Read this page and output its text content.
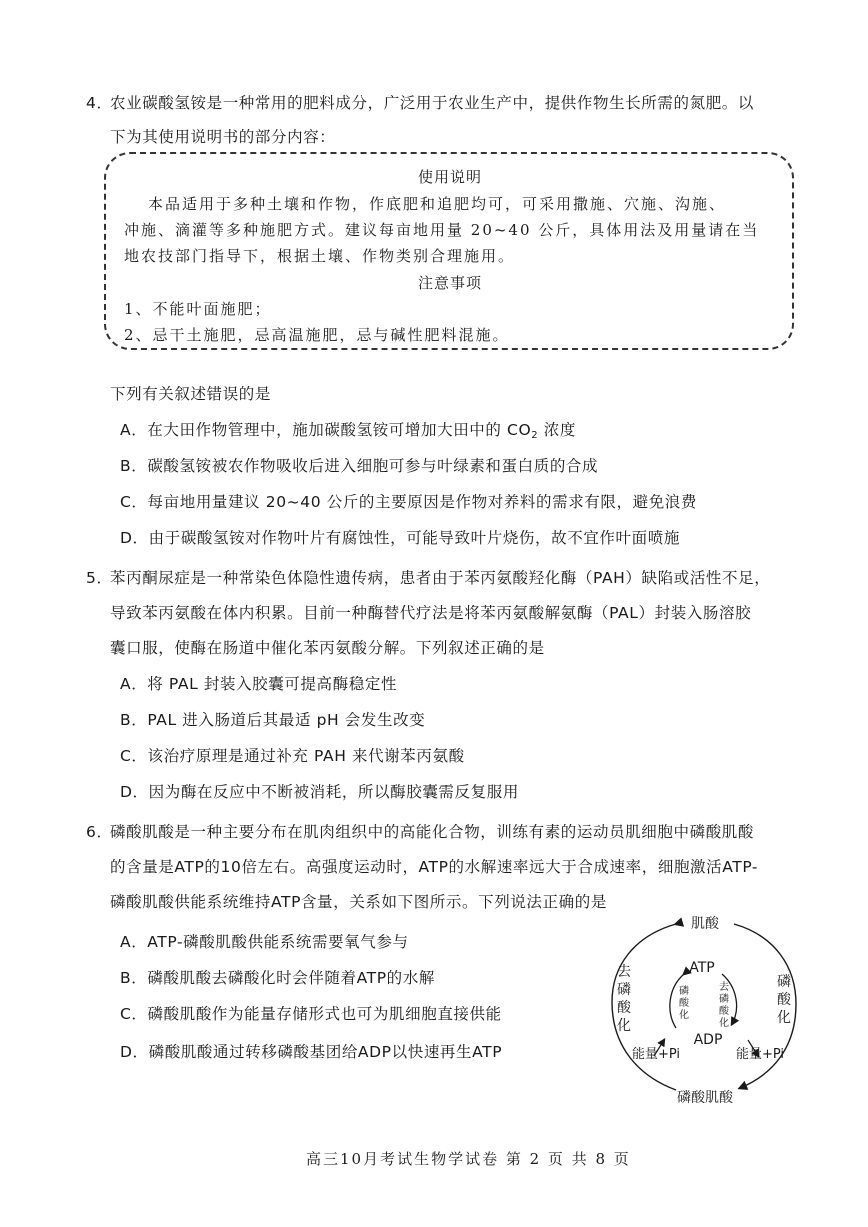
4．
农业碳酸氢铵是一种常用的肥料成分，广泛用于农业生产中，提供作物生长所需的氮肥。以
下为其使用说明书的部分内容：
使用说明
本品适用于多种土壤和作物，作底肥和追肥均可，可采用撒施、穴施、沟施、
冲施、滴灌等多种施肥方式。建议每亩地用量 20~40 公斤，具体用法及用量请在当
地农技部门指导下，根据土壤、作物类别合理施用。
注意事项
1、不能叶面施肥；
2、忌干土施肥，忌高温施肥，忌与碱性肥料混施。
下列有关叙述错误的是
A．在大田作物管理中，施加碳酸氢铵可增加大田中的 $CO_2$ 浓度
B．碳酸氢铵被农作物吸收后进入细胞可参与叶绿素和蛋白质的合成
C．每亩地用量建议 20~40 公斤的主要原因是作物对养料的需求有限，避免浪费
D．由于碳酸氢铵对作物叶片有腐蚀性，可能导致叶片烧伤，故不宜作叶面喷施
5．
苯丙酮尿症是一种常染色体隐性遗传病，患者由于苯丙氨酸羟化酶（PAH）缺陷或活性不足，
导致苯丙氨酸在体内积累。目前一种酶替代疗法是将苯丙氨酸解氨酶（PAL）封装入肠溶胶
囊口服，使酶在肠道中催化苯丙氨酸分解。下列叙述正确的是
A．将 PAL 封装入胶囊可提高酶稳定性
B．PAL 进入肠道后其最适 pH 会发生改变
C．该治疗原理是通过补充 PAH 来代谢苯丙氨酸
D．因为酶在反应中不断被消耗，所以酶胶囊需反复服用
6．
磷酸肌酸是一种主要分布在肌肉组织中的高能化合物，训练有素的运动员肌细胞中磷酸肌酸
的含量是ATP的10倍左右。高强度运动时，ATP的水解速率远大于合成速率，细胞激活ATP-
磷酸肌酸供能系统维持ATP含量，关系如下图所示。下列说法正确的是
A．ATP-磷酸肌酸供能系统需要氧气参与
B．磷酸肌酸去磷酸化时会伴随着ATP的水解
C．磷酸肌酸作为能量存储形式也可为肌细胞直接供能
D．磷酸肌酸通过转移磷酸基团给ADP以快速再生ATP
肌酸
磷酸肌酸
去
磷
酸
化
磷
酸
化
ATP
ADP
磷
酸
化
去
磷
酸
化
能量+Pi	能量+Pi
高三10月考试生物学试卷 第 2 页 共 8 页
